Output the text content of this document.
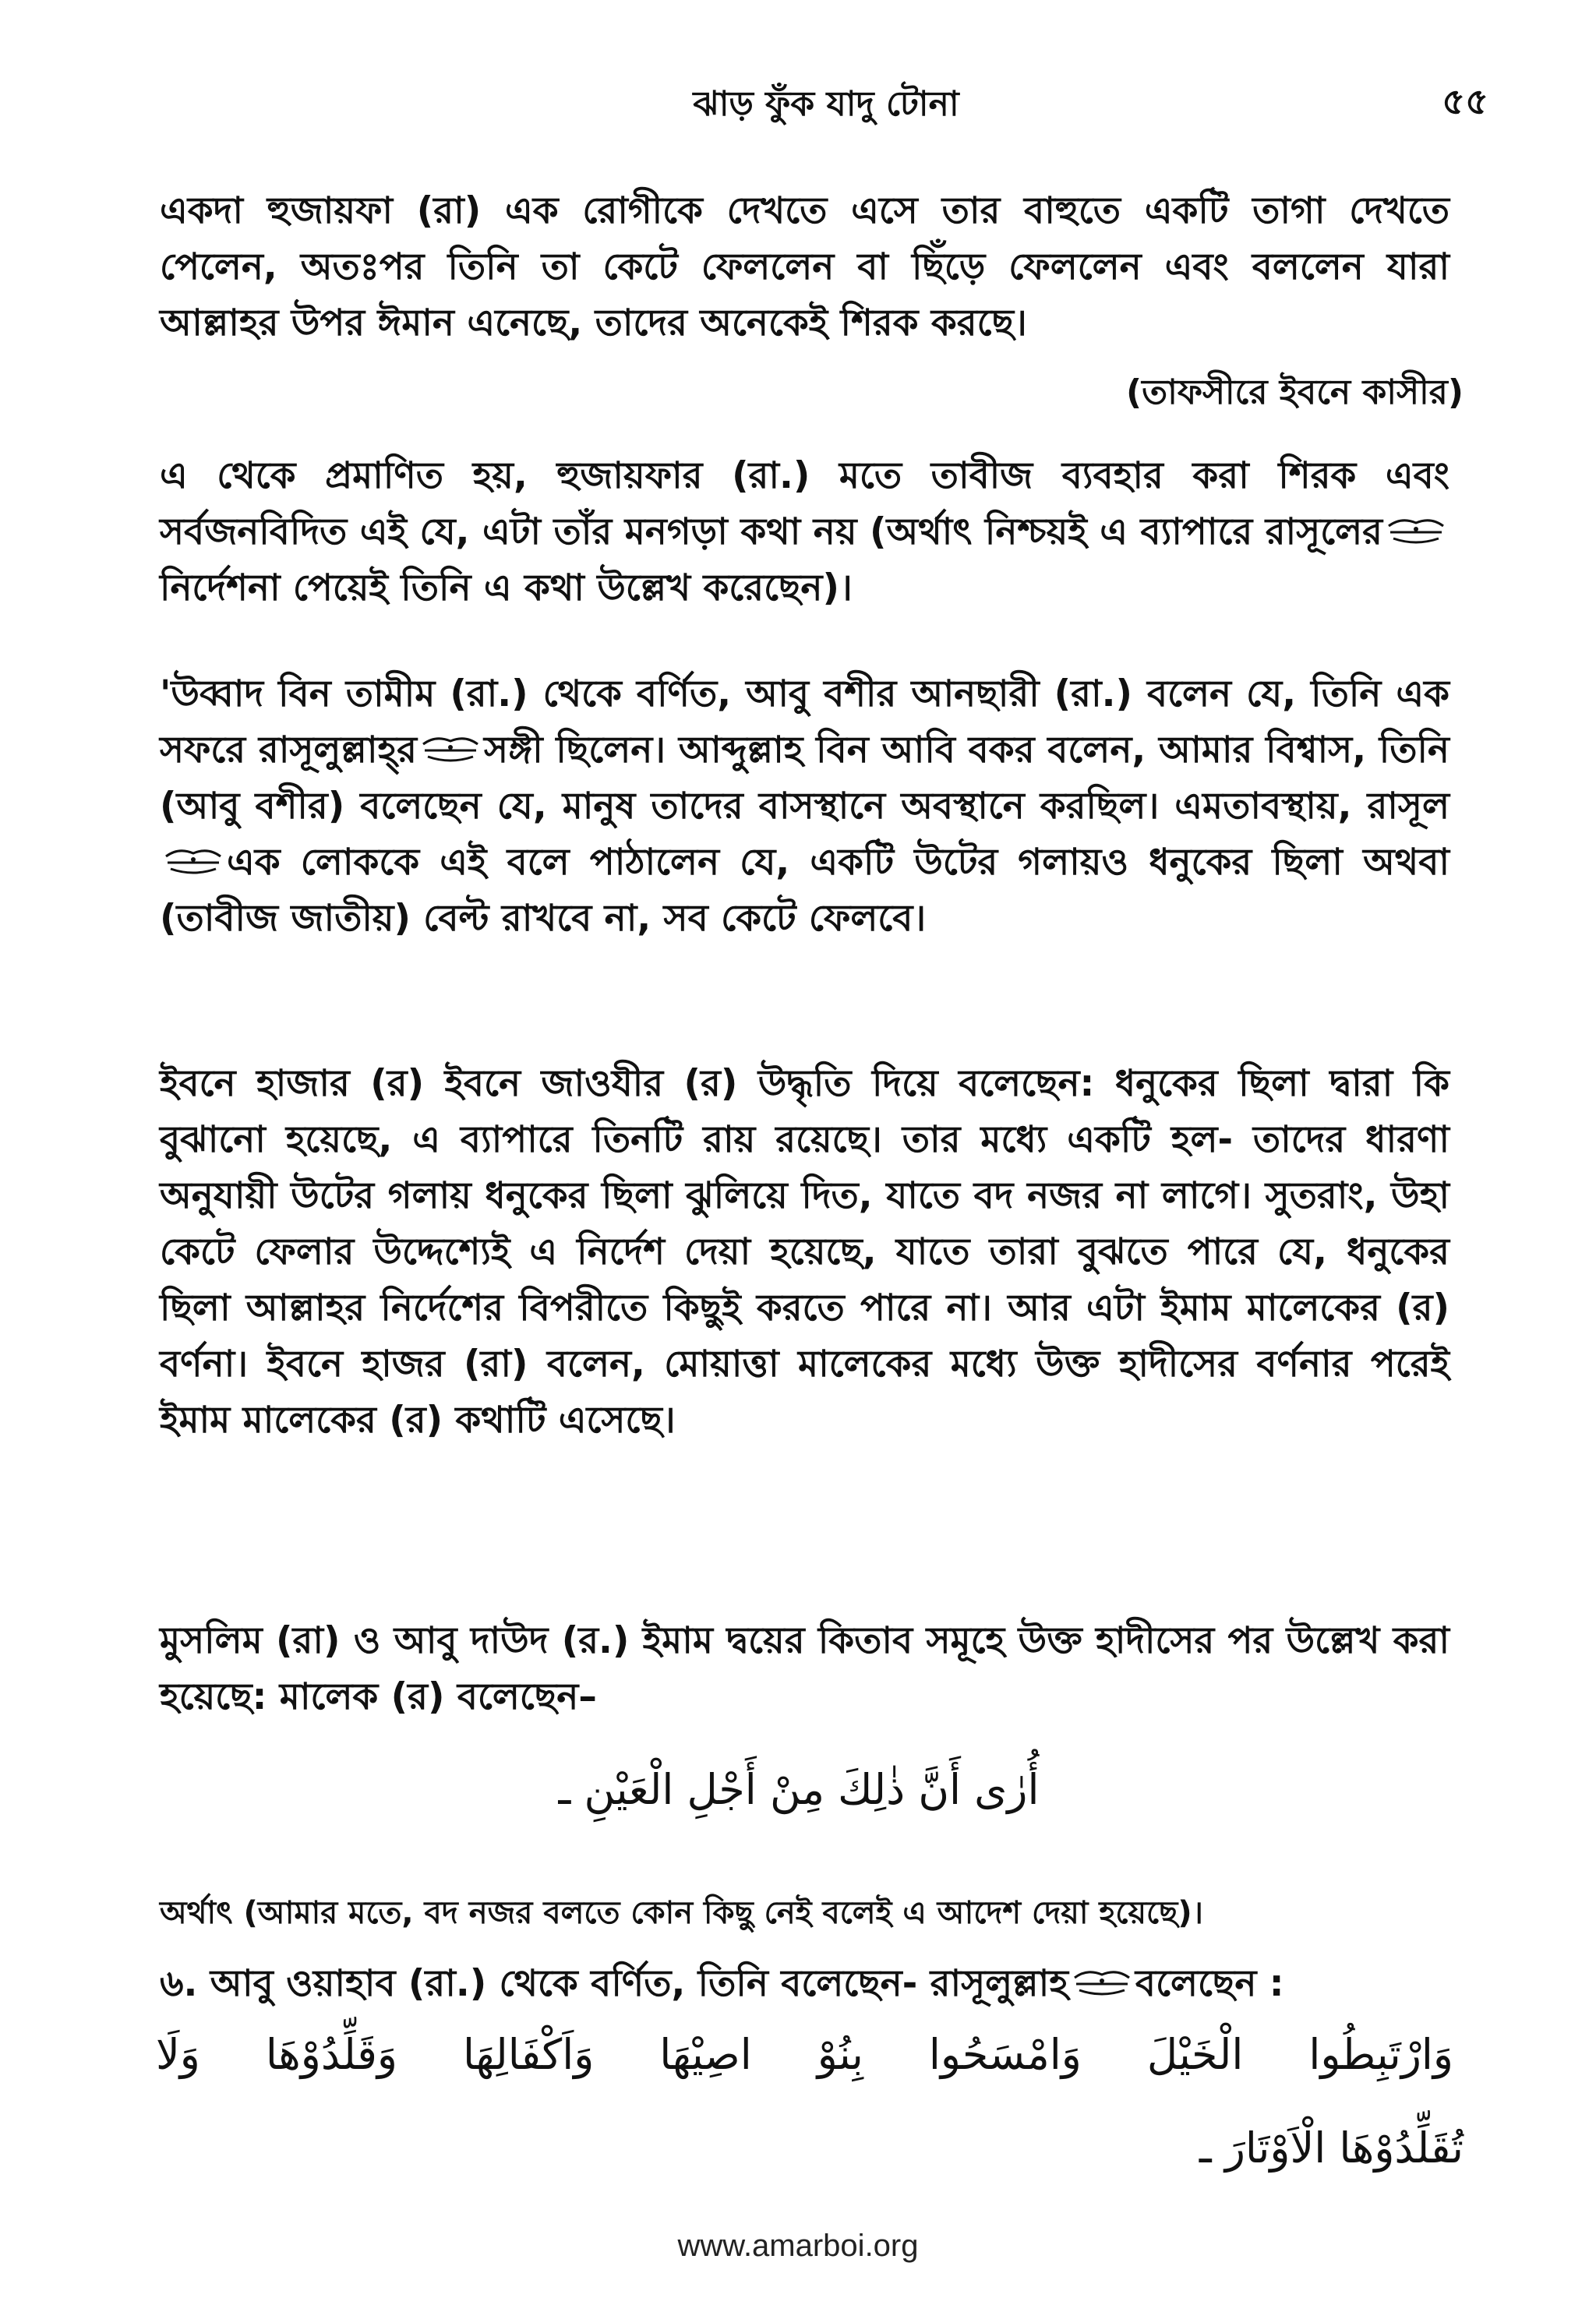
ঝাড় ফুঁক যাদু টোনা	৫৫

একদা হুজায়ফা (রা) এক রোগীকে দেখতে এসে তার বাহুতে একটি তাগা দেখতে পেলেন, অতঃপর তিনি তা কেটে ফেললেন বা ছিঁড়ে ফেললেন এবং বললেন যারা আল্লাহর উপর ঈমান এনেছে, তাদের অনেকেই শিরক করছে।

(তাফসীরে ইবনে কাসীর)

এ থেকে প্রমাণিত হয়, হুজায়ফার (রা.) মতে তাবীজ ব্যবহার করা শিরক এবং সর্বজনবিদিত এই যে, এটা তাঁর মনগড়া কথা নয় (অর্থাৎ নিশ্চয়ই এ ব্যাপারে রাসূলের
নির্দেশনা পেয়েই তিনি এ কথা উল্লেখ করেছেন)।

'উব্বাদ বিন তামীম (রা.) থেকে বর্ণিত, আবু বশীর আনছারী (রা.) বলেন যে, তিনি এক সফরে রাসূলুল্লাহ্‌র সঙ্গী ছিলেন। আব্দুল্লাহ বিন আবি বকর বলেন, আমার বিশ্বাস, তিনি (আবু বশীর) বলেছেন যে, মানুষ তাদের বাসস্থানে অবস্থানে করছিল। এমতাবস্থায়, রাসূল
এক লোককে এই বলে পাঠালেন যে, একটি উটের গলায়ও ধনুকের ছিলা অথবা (তাবীজ জাতীয়) বেল্ট রাখবে না, সব কেটে ফেলবে।

ইবনে হাজার (র) ইবনে জাওযীর (র) উদ্ধৃতি দিয়ে বলেছেন: ধনুকের ছিলা দ্বারা কি বুঝানো হয়েছে, এ ব্যাপারে তিনটি রায় রয়েছে। তার মধ্যে একটি হল- তাদের ধারণা অনুযায়ী উটের গলায় ধনুকের ছিলা ঝুলিয়ে দিত, যাতে বদ নজর না লাগে। সুতরাং, উহা কেটে ফেলার উদ্দেশ্যেই এ নির্দেশ দেয়া হয়েছে, যাতে তারা বুঝতে পারে যে, ধনুকের ছিলা আল্লাহর নির্দেশের বিপরীতে কিছুই করতে পারে না। আর এটা ইমাম মালেকের (র) বর্ণনা। ইবনে হাজর (রা) বলেন, মোয়াত্তা মালেকের মধ্যে উক্ত হাদীসের বর্ণনার পরেই ইমাম মালেকের (র) কথাটি এসেছে।

মুসলিম (রা) ও আবু দাউদ (র.) ইমাম দ্বয়ের কিতাব সমূহে উক্ত হাদীসের পর উল্লেখ করা হয়েছে: মালেক (র) বলেছেন–

أُرٰى أَنَّ ذٰلِكَ مِنْ أَجْلِ الْعَيْنِ ـ

অর্থাৎ (আমার মতে, বদ নজর বলতে কোন কিছু নেই বলেই এ আদেশ দেয়া হয়েছে)।

৬. আবু ওয়াহাব (রা.) থেকে বর্ণিত, তিনি বলেছেন- রাসূলুল্লাহ বলেছেন :

وَارْتَبِطُوا الْخَيْلَ وَامْسَحُوا بِنُوْ اصِيْهَا وَاَكْفَالِهَا وَقَلِّدُوْهَا وَلَا
تُقَلِّدُوْهَا الْاَوْتَارَ ـ
www.amarboi.org
